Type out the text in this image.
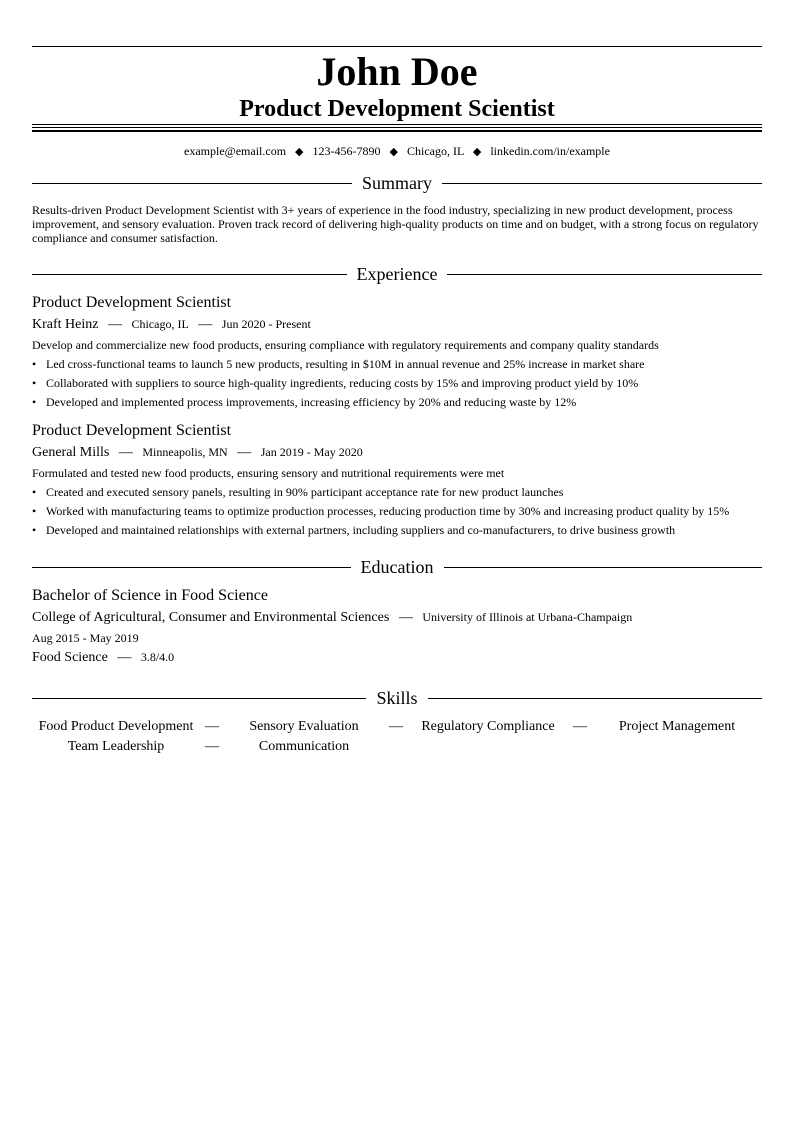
John Doe
Product Development Scientist
example@email.com ◆ 123-456-7890 ◆ Chicago, IL ◆ linkedin.com/in/example
Summary
Results-driven Product Development Scientist with 3+ years of experience in the food industry, specializing in new product development, process improvement, and sensory evaluation. Proven track record of delivering high-quality products on time and on budget, with a strong focus on regulatory compliance and consumer satisfaction.
Experience
Product Development Scientist
Kraft Heinz — Chicago, IL — Jun 2020 - Present
Develop and commercialize new food products, ensuring compliance with regulatory requirements and company quality standards
• Led cross-functional teams to launch 5 new products, resulting in $10M in annual revenue and 25% increase in market share
• Collaborated with suppliers to source high-quality ingredients, reducing costs by 15% and improving product yield by 10%
• Developed and implemented process improvements, increasing efficiency by 20% and reducing waste by 12%
Product Development Scientist
General Mills — Minneapolis, MN — Jan 2019 - May 2020
Formulated and tested new food products, ensuring sensory and nutritional requirements were met
• Created and executed sensory panels, resulting in 90% participant acceptance rate for new product launches
• Worked with manufacturing teams to optimize production processes, reducing production time by 30% and increasing product quality by 15%
• Developed and maintained relationships with external partners, including suppliers and co-manufacturers, to drive business growth
Education
Bachelor of Science in Food Science
College of Agricultural, Consumer and Environmental Sciences — University of Illinois at Urbana-Champaign
Aug 2015 - May 2019
Food Science — 3.8/4.0
Skills
Food Product Development —	Sensory Evaluation	—	Regulatory Compliance	—	Project Management
Team Leadership	—	Communication
